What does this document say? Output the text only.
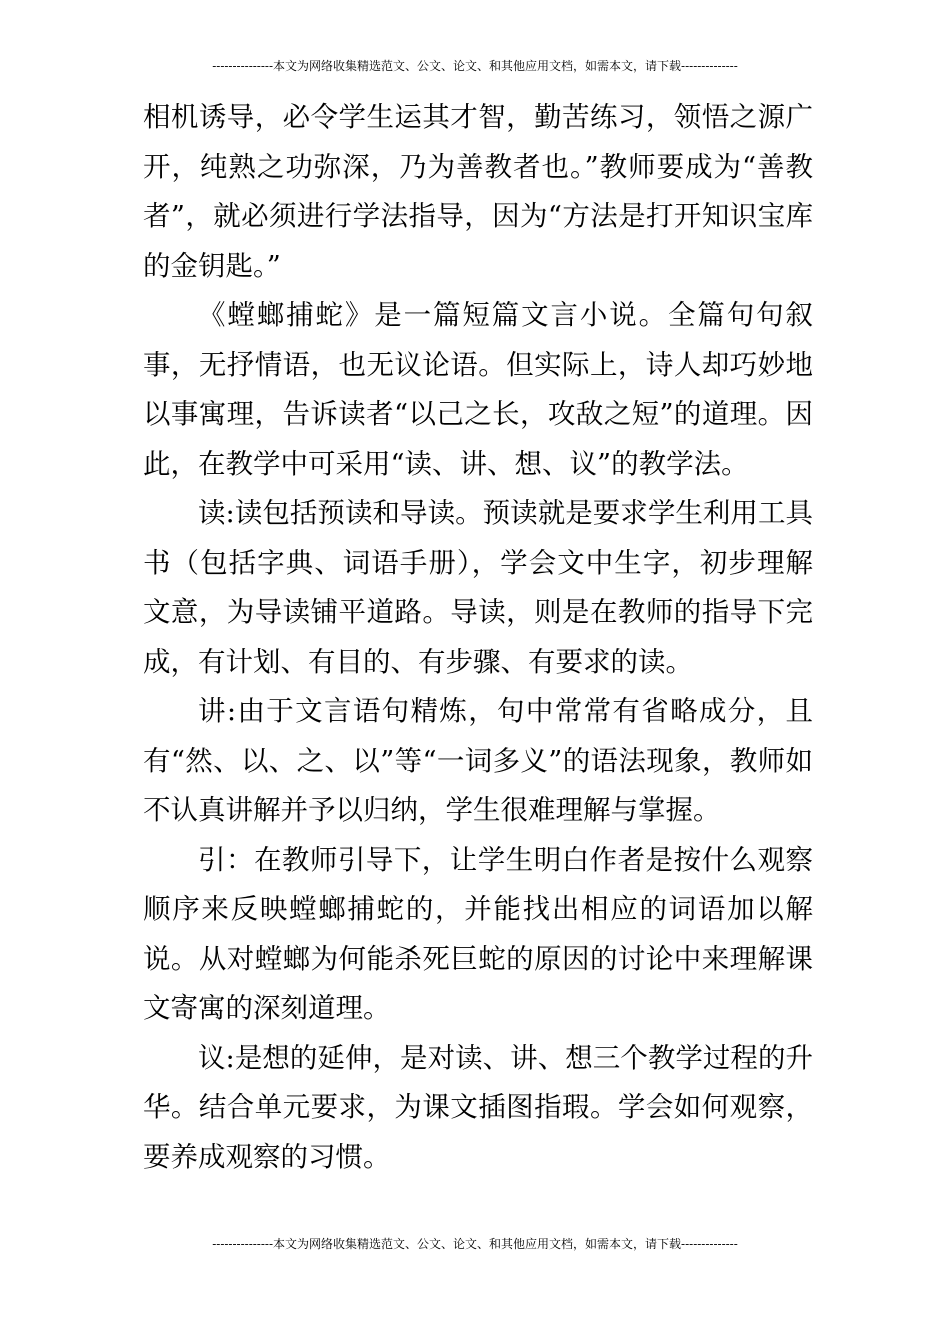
---------------本文为网络收集精选范文、公文、论文、和其他应用文档，如需本文，请下载--------------

相机诱导，必令学生运其才智，勤苦练习，领悟之源广开，纯熟之功弥深，乃为善教者也。”教师要成为“善教者”，就必须进行学法指导，因为“方法是打开知识宝库的金钥匙。”

《螳螂捕蛇》是一篇短篇文言小说。全篇句句叙事，无抒情语，也无议论语。但实际上，诗人却巧妙地以事寓理，告诉读者“以己之长，攻敌之短”的道理。因此，在教学中可采用“读、讲、想、议”的教学法。

读:读包括预读和导读。预读就是要求学生利用工具书（包括字典、词语手册），学会文中生字，初步理解文意，为导读铺平道路。导读，则是在教师的指导下完成，有计划、有目的、有步骤、有要求的读。

讲:由于文言语句精炼，句中常常有省略成分，且有“然、以、之、以”等“一词多义”的语法现象，教师如不认真讲解并予以归纳，学生很难理解与掌握。

引：在教师引导下，让学生明白作者是按什么观察顺序来反映螳螂捕蛇的，并能找出相应的词语加以解说。从对螳螂为何能杀死巨蛇的原因的讨论中来理解课文寄寓的深刻道理。

议:是想的延伸，是对读、讲、想三个教学过程的升华。结合单元要求，为课文插图指瑕。学会如何观察，要养成观察的习惯。

---------------本文为网络收集精选范文、公文、论文、和其他应用文档，如需本文，请下载--------------
